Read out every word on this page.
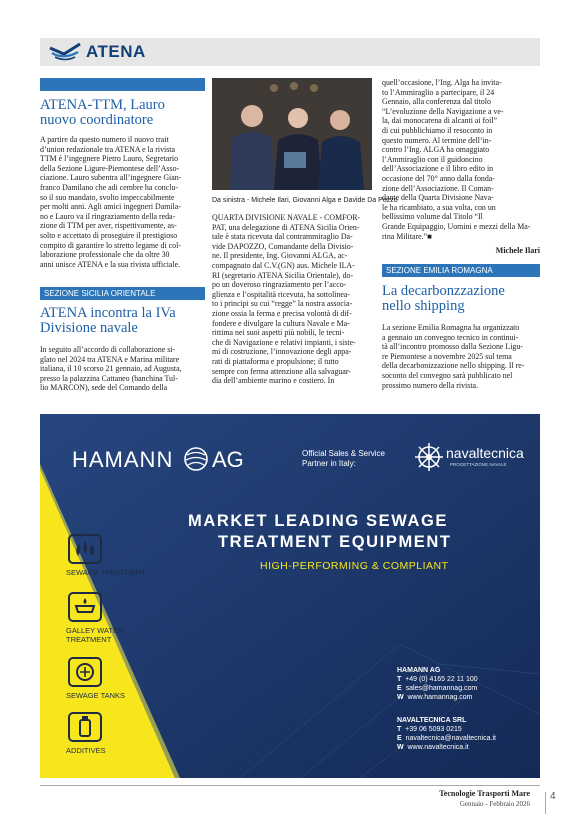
ATENA
ATENA-TTM, Lauro
nuovo coordinatore
A partire da questo numero il nuovo trait
d’union redazionale tra ATENA e la rivista
TTM è l’ingegnere Pietro Lauro, Segretario
della Sezione Ligure-Piemontese dell’Asso-
ciazione. Lauro subentra all’ingegnere Gian-
franco Damilano che adi cembre ha conclu-
so il suo mandato, svolto impeccabilmente
per molti anni. Agli amici ingegneri Damila-
no e Lauro va il ringraziamento della reda-
zione di TTM per aver, rispettivamente, as-
solto e accettato di proseguire il prestigioso
compito di garantire lo stretto legame di col-
laborazione professionale che da oltre 30
anni unisce ATENA e la sua rivista ufficiale.
SEZIONE SICILIA ORIENTALE
ATENA incontra la IVa
Divisione navale
In seguito all’accordo di collaborazione si-
glato nel 2024 tra ATENA e Marina militare
italiana, il 10 scorso 21 gennaio, ad Augusta,
presso la palazzina Cattaneo (banchina Tul-
lio MARCON), sede del Comando della
Da sinistra - Michele Ilari, Giovanni Alga e Davide Da Pozzo
QUARTA DIVISIONE NAVALE - COMFOR-
PAT, una delegazione di ATENA Sicilia Orien-
tale è stata ricevuta dal contrammiraglio Da-
vide DAPOZZO, Comandante della Divisio-
ne. Il presidente, Ing. Giovanni ALGA, ac-
compagnato dal C.V.(GN) aus. Michele ILA-
RI (segretario ATENA Sicilia Orientale), do-
po un doveroso ringraziamento per l’acco-
glienza e l’ospitalità ricevuta, ha sottolinea-
to i principi su cui “regge” la nostra associa-
zione ossia la ferma e precisa volontà di dif-
fondere e divulgare la cultura Navale e Ma-
rittima nei suoi aspetti più nobili, le tecni-
che di Navigazione e relativi impianti, i siste-
mi di costruzione, l’innovazione degli appa-
rati di piattaforma e propulsione; il tutto
sempre con ferma attenzione alla salvaguar-
dia dell’ambiente marino e costiero. In
quell’occasione, l’Ing. Alga ha invita-
to l’Ammiraglio a partecipare, il 24
Gennaio, alla conferenza dal titolo
“L’evoluzione della Navigazione a ve-
la, dai monocarena di alcanti ai foil”
di cui pubblichiamo il resoconto in
questo numero. Al termine dell’in-
contro l’Ing. ALGA ha omaggiato
l’Ammiraglio con il guidoncino
dell’Associazione e il libro edito in
occasione del 70° anno dalla fonda-
zione dell’Associazione. Il Coman-
dante della Quarta Divisione Nava-
le ha ricambiato, a sua volta, con un
bellissimo volume dal Titolo “Il
Grande Equipaggio, Uomini e mezzi della Ma-
rina Militare.”■
Michele Ilari
SEZIONE EMILIA ROMAGNA
La decarbonzzazione
nello shipping
La sezione Emilia Romagna ha organizzato
a gennaio un convegno tecnico in continui-
tà all’incontro promosso dalla Sezione Ligu-
re Piemontese a novembre 2025 sul tema
della decarbonizzazione nello shipping. Il re-
soconto del convegno sarà pubblicato nel
prossimo numero della rivista.
HAMANN AG	Official Sales & Service
Partner in Italy:
navaltecnica
PROGETTAZIONE NAVALE
MARKET LEADING SEWAGE
TREATMENT EQUIPMENT
HIGH-PERFORMING & COMPLIANT
SEWAGE TREATMENT
GALLEY WATER
TREATMENT
SEWAGE TANKS
ADDITIVES
HAMANN AG
T +49 (0) 4165 22 11 100
E sales@hamannag.com
W www.hamannag.com
NAVALTECNICA SRL
T +39 06 5093 0215
E navaltecnica@navaltecnica.it
W www.navaltecnica.it
Tecnologie Trasporti Mare
Gennaio - Febbraio 2026
4
